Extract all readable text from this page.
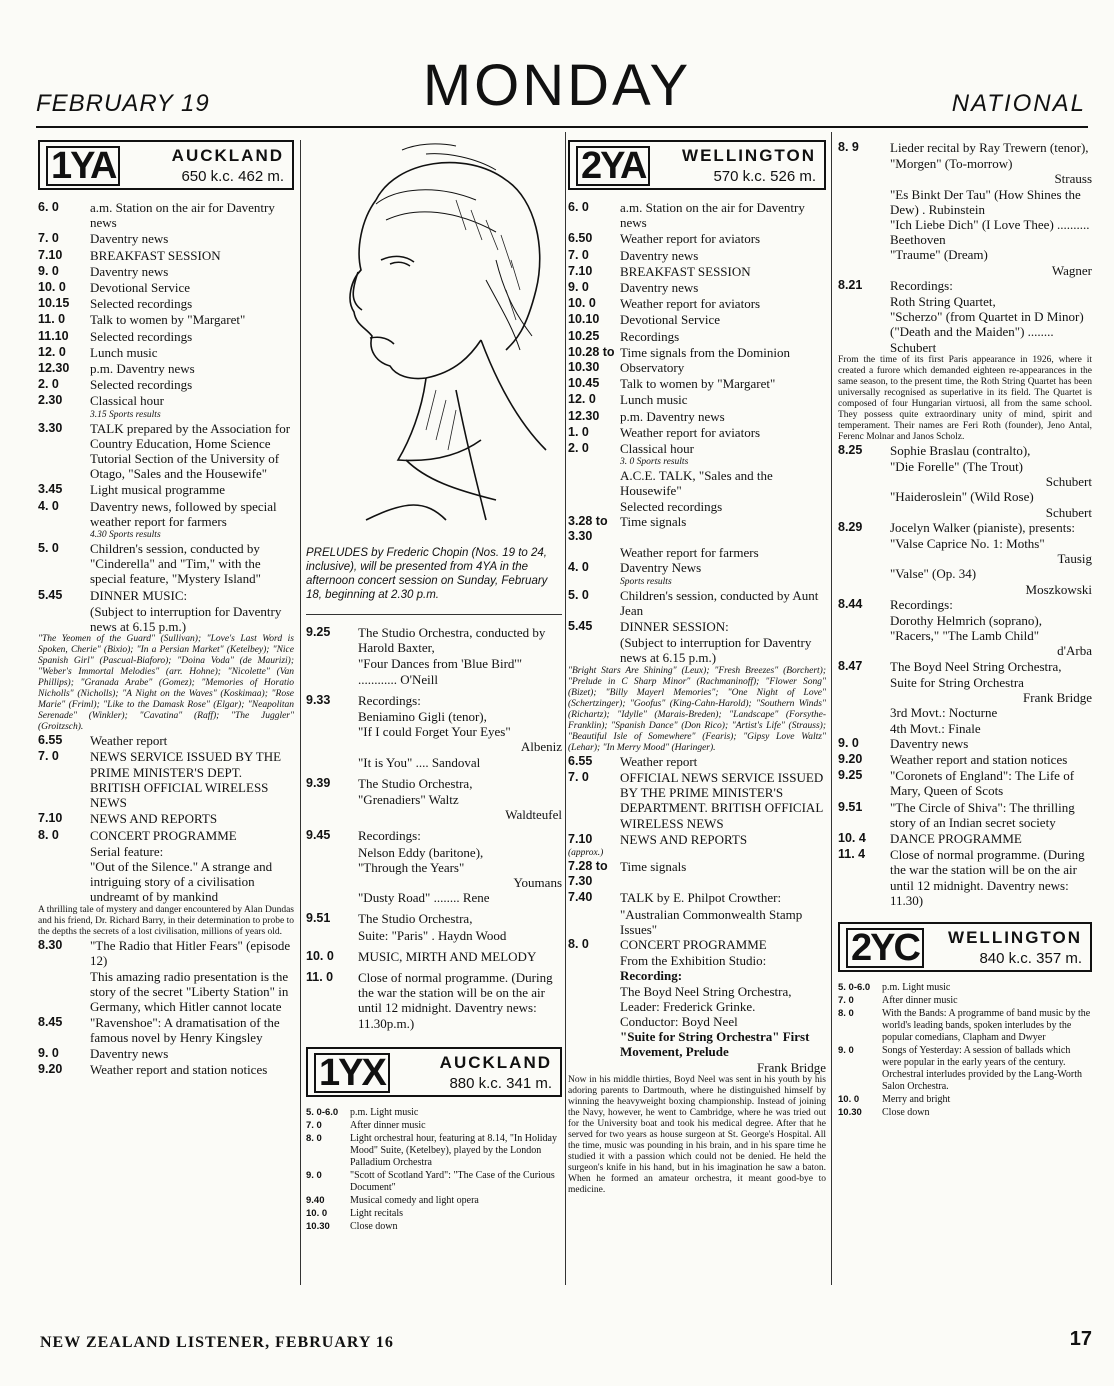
FEBRUARY 19	MONDAY	NATIONAL
1YA	AUCKLAND
650 k.c. 462 m.
6. 0	a.m. Station on the air for Daventry news
7. 0	Daventry news
7.10	BREAKFAST SESSION
9. 0	Daventry news
10. 0	Devotional Service
10.15	Selected recordings
11. 0	Talk to women by "Margaret"
11.10	Selected recordings
12. 0	Lunch music
12.30	p.m. Daventry news
2. 0	Selected recordings
2.30	Classical hour
3.15 Sports results
3.30	TALK prepared by the Association for Country Education, Home Science Tutorial Section of the University of Otago, "Sales and the Housewife"
3.45	Light musical programme
4. 0	Daventry news, followed by special weather report for farmers
4.30 Sports results
5. 0	Children's session, conducted by "Cinderella" and "Tim," with the special feature, "Mystery Island"
5.45	DINNER MUSIC:
(Subject to interruption for Daventry news at 6.15 p.m.)
"The Yeomen of the Guard" (Sullivan); "Love's Last Word is Spoken, Cherie" (Bixio); "In a Persian Market" (Ketelbey); "Nice Spanish Girl" (Pascual-Biaforo); "Doina Voda" (de Maurizi); "Weber's Immortal Melodies" (arr. Hohne); "Nicolette" (Van Phillips); "Granada Arabe" (Gomez); "Memories of Horatio Nicholls" (Nicholls); "A Night on the Waves" (Koskimaa); "Rose Marie" (Friml); "Like to the Damask Rose" (Elgar); "Neapolitan Serenade" (Winkler); "Cavatina" (Raff); "The Juggler" (Groitzsch).
6.55	Weather report
7. 0	NEWS SERVICE ISSUED BY THE PRIME MINISTER'S DEPT. BRITISH OFFICIAL WIRELESS NEWS
7.10	NEWS AND REPORTS
8. 0	CONCERT PROGRAMME
Serial feature:
"Out of the Silence." A strange and intriguing story of a civilisation undreamt of by mankind
A thrilling tale of mystery and danger encountered by Alan Dundas and his friend, Dr. Richard Barry, in their determination to probe to the depths the secrets of a lost civilisation, millions of years old.
8.30	"The Radio that Hitler Fears" (episode 12)
This amazing radio presentation is the story of the secret "Liberty Station" in Germany, which Hitler cannot locate
8.45	"Ravenshoe": A dramatisation of the famous novel by Henry Kingsley
9. 0	Daventry news
9.20	Weather report and station notices
PRELUDES by Frederic Chopin (Nos. 19 to 24, inclusive), will be presented from 4YA in the afternoon concert session on Sunday, February 18, beginning at 2.30 p.m.
9.25	The Studio Orchestra, conducted by Harold Baxter,
"Four Dances from 'Blue Bird'" ............ O'Neill
9.33	Recordings:
Beniamino Gigli (tenor),
"If I could Forget Your Eyes"
Albeniz
"It is You" .... Sandoval
9.39	The Studio Orchestra,
"Grenadiers" Waltz
Waldteufel
9.45	Recordings:
Nelson Eddy (baritone),
"Through the Years"
Youmans
"Dusty Road" ........ Rene
9.51	The Studio Orchestra,
Suite: "Paris" . Haydn Wood
10. 0	MUSIC, MIRTH AND MELODY
11. 0	Close of normal programme. (During the war the station will be on the air until 12 midnight. Daventry news: 11.30p.m.)
1YX	AUCKLAND
880 k.c. 341 m.
5. 0-6.0	p.m. Light music
7. 0	After dinner music
8. 0	Light orchestral hour, featuring at 8.14, "In Holiday Mood" Suite, (Ketelbey), played by the London Palladium Orchestra
9. 0	"Scott of Scotland Yard": "The Case of the Curious Document"
9.40	Musical comedy and light opera
10. 0	Light recitals
10.30	Close down
2YA WELLINGTON
570 k.c. 526 m.
6. 0	a.m. Station on the air for Daventry news
6.50	Weather report for aviators
7. 0	Daventry news
7.10	BREAKFAST SESSION
9. 0	Daventry news
10. 0	Weather report for aviators
10.10	Devotional Service
10.25	Recordings
10.28 to 10.30
Time signals from the Dominion Observatory
10.45	Talk to women by "Margaret"
12. 0	Lunch music
12.30	p.m. Daventry news
1. 0	Weather report for aviators
2. 0	Classical hour
3. 0 Sports results
A.C.E. TALK, "Sales and the Housewife"
Selected recordings
3.28 to 3.30
Time signals
Weather report for farmers
4. 0	Daventry News
Sports results
5. 0	Children's session, conducted by Aunt Jean
5.45	DINNER SESSION:
(Subject to interruption for Daventry news at 6.15 p.m.)
"Bright Stars Are Shining" (Leux); "Fresh Breezes" (Borchert); "Prelude in C Sharp Minor" (Rachmaninoff); "Flower Song" (Bizet); "Billy Mayerl Memories"; "One Night of Love" (Schertzinger); "Goofus" (King-Cahn-Harold); "Southern Winds" (Richartz); "Idylle" (Marais-Breden); "Landscape" (Forsythe-Franklin); "Spanish Dance" (Don Rico); "Artist's Life" (Strauss); "Beautiful Isle of Somewhere" (Fearis); "Gipsy Love Waltz" (Lehar); "In Merry Mood" (Haringer).
6.55	Weather report
7. 0	OFFICIAL NEWS SERVICE ISSUED BY THE PRIME MINISTER'S DEPARTMENT. BRITISH OFFICIAL WIRELESS NEWS
7.10	NEWS AND REPORTS
(approx.)
7.28 to 7.30
Time signals
7.40	TALK by E. Philpot Crowther:
"Australian Commonwealth Stamp Issues"
8. 0	CONCERT PROGRAMME
From the Exhibition Studio:
Recording:
The Boyd Neel String Orchestra,
Leader: Frederick Grinke.
Conductor: Boyd Neel
"Suite for String Orchestra" First Movement, Prelude
Frank Bridge
Now in his middle thirties, Boyd Neel was sent in his youth by his adoring parents to Dartmouth, where he distinguished himself by winning the heavyweight boxing championship. Instead of joining the Navy, however, he went to Cambridge, where he was tried out for the University boat and took his medical degree. After that he served for two years as house surgeon at St. George's Hospital. All the time, music was pounding in his brain, and in his spare time he studied it with a passion which could not be denied. He held the surgeon's knife in his hand, but in his imagination he saw a baton. When he formed an amateur orchestra, it meant good-bye to medicine.
8. 9	Lieder recital by Ray Trewern (tenor),
"Morgen" (To-morrow)
Strauss
"Es Binkt Der Tau" (How Shines the Dew) . Rubinstein
"Ich Liebe Dich" (I Love Thee) .......... Beethoven
"Traume" (Dream)
Wagner
8.21	Recordings:
Roth String Quartet,
"Scherzo" (from Quartet in D Minor) ("Death and the Maiden") ........ Schubert
From the time of its first Paris appearance in 1926, where it created a furore which demanded eighteen re-appearances in the same season, to the present time, the Roth String Quartet has been universally recognised as superlative in its field. The Quartet is composed of four Hungarian virtuosi, all from the same school. They possess quite extraordinary unity of mind, spirit and temperament. Their names are Feri Roth (founder), Jeno Antal, Ferenc Molnar and Janos Scholz.
8.25	Sophie Braslau (contralto),
"Die Forelle" (The Trout)
Schubert
"Haideroslein" (Wild Rose)
Schubert
8.29	Jocelyn Walker (pianiste), presents:
"Valse Caprice No. 1: Moths"
Tausig
"Valse" (Op. 34)
Moszkowski
8.44	Recordings:
Dorothy Helmrich (soprano), "Racers," "The Lamb Child"
d'Arba
8.47	The Boyd Neel String Orchestra,
Suite for String Orchestra
Frank Bridge
3rd Movt.: Nocturne
4th Movt.: Finale
9. 0	Daventry news
9.20	Weather report and station notices
9.25	"Coronets of England": The Life of Mary, Queen of Scots
9.51	"The Circle of Shiva": The thrilling story of an Indian secret society
10. 4	DANCE PROGRAMME
11. 4	Close of normal programme. (During the war the station will be on the air until 12 midnight. Daventry news: 11.30)
2YC WELLINGTON
840 k.c. 357 m.
5. 0-6.0	p.m. Light music
7. 0	After dinner music
8. 0	With the Bands: A programme of band music by the world's leading bands, spoken interludes by the popular comedians, Clapham and Dwyer
9. 0	Songs of Yesterday: A session of ballads which were popular in the early years of the century. Orchestral interludes provided by the Lang-Worth Salon Orchestra.
10. 0	Merry and bright
10.30	Close down
NEW ZEALAND LISTENER, FEBRUARY 16	17
